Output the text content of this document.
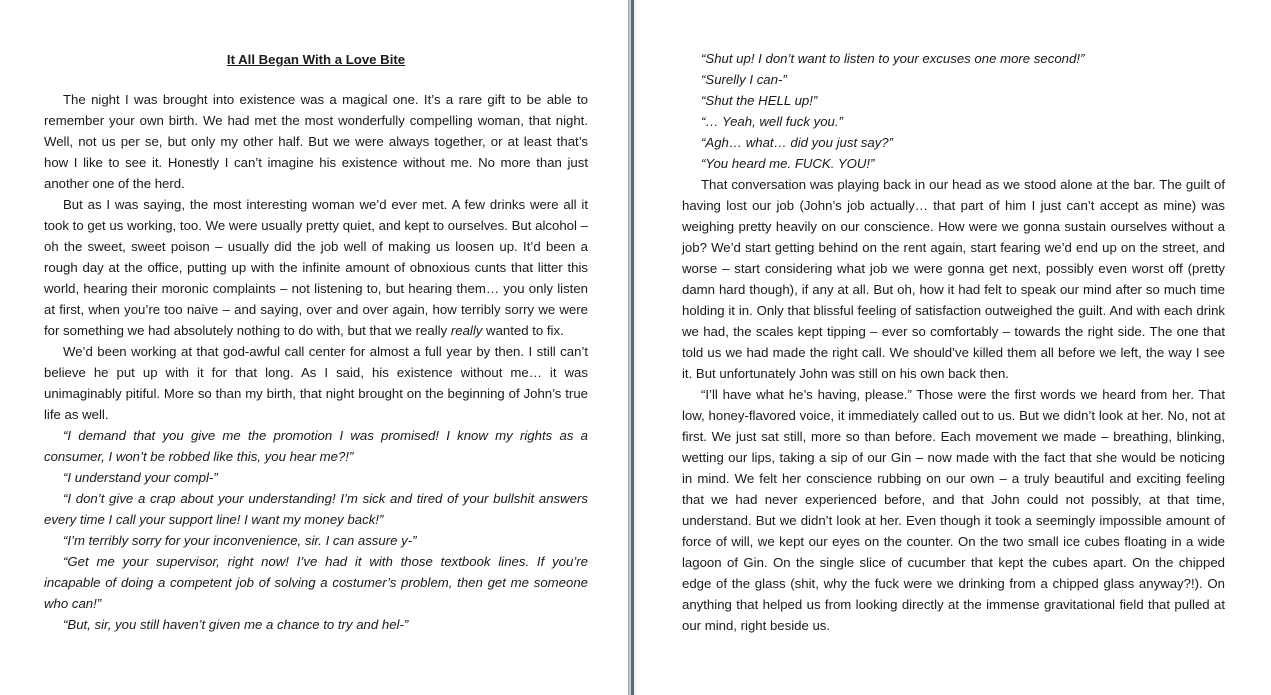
It All Began With a Love Bite

The night I was brought into existence was a magical one. It’s a rare gift to be able to remember your own birth. We had met the most wonderfully compelling woman, that night. Well, not us per se, but only my other half. But we were always together, or at least that’s how I like to see it. Honestly I can’t imagine his existence without me. No more than just another one of the herd.

But as I was saying, the most interesting woman we’d ever met. A few drinks were all it took to get us working, too. We were usually pretty quiet, and kept to ourselves. But alcohol – oh the sweet, sweet poison – usually did the job well of making us loosen up. It’d been a rough day at the office, putting up with the infinite amount of obnoxious cunts that litter this world, hearing their moronic complaints – not listening to, but hearing them… you only listen at first, when you’re too naive – and saying, over and over again, how terribly sorry we were for something we had absolutely nothing to do with, but that we really really wanted to fix.

We’d been working at that god-awful call center for almost a full year by then. I still can’t believe he put up with it for that long. As I said, his existence without me… it was unimaginably pitiful. More so than my birth, that night brought on the beginning of John’s true life as well.

“I demand that you give me the promotion I was promised! I know my rights as a consumer, I won’t be robbed like this, you hear me?!”

“I understand your compl-”

“I don’t give a crap about your understanding! I’m sick and tired of your bullshit answers every time I call your support line! I want my money back!”

“I’m terribly sorry for your inconvenience, sir. I can assure y-”

“Get me your supervisor, right now! I’ve had it with those textbook lines. If you’re incapable of doing a competent job of solving a costumer’s problem, then get me someone who can!”

“But, sir, you still haven’t given me a chance to try and hel-”

“Shut up! I don’t want to listen to your excuses one more second!”

“Surelly I can-”

“Shut the HELL up!”

“… Yeah, well fuck you.”

“Agh… what… did you just say?”

“You heard me. FUCK. YOU!”

That conversation was playing back in our head as we stood alone at the bar. The guilt of having lost our job (John’s job actually… that part of him I just can’t accept as mine) was weighing pretty heavily on our conscience. How were we gonna sustain ourselves without a job? We’d start getting behind on the rent again, start fearing we’d end up on the street, and worse – start considering what job we were gonna get next, possibly even worst off (pretty damn hard though), if any at all. But oh, how it had felt to speak our mind after so much time holding it in. Only that blissful feeling of satisfaction outweighed the guilt. And with each drink we had, the scales kept tipping – ever so comfortably – towards the right side. The one that told us we had made the right call. We should’ve killed them all before we left, the way I see it. But unfortunately John was still on his own back then.

“I’ll have what he’s having, please.” Those were the first words we heard from her. That low, honey-flavored voice, it immediately called out to us. But we didn’t look at her. No, not at first. We just sat still, more so than before. Each movement we made – breathing, blinking, wetting our lips, taking a sip of our Gin – now made with the fact that she would be noticing in mind. We felt her conscience rubbing on our own – a truly beautiful and exciting feeling that we had never experienced before, and that John could not possibly, at that time, understand. But we didn’t look at her. Even though it took a seemingly impossible amount of force of will, we kept our eyes on the counter. On the two small ice cubes floating in a wide lagoon of Gin. On the single slice of cucumber that kept the cubes apart. On the chipped edge of the glass (shit, why the fuck were we drinking from a chipped glass anyway?!). On anything that helped us from looking directly at the immense gravitational field that pulled at our mind, right beside us.
